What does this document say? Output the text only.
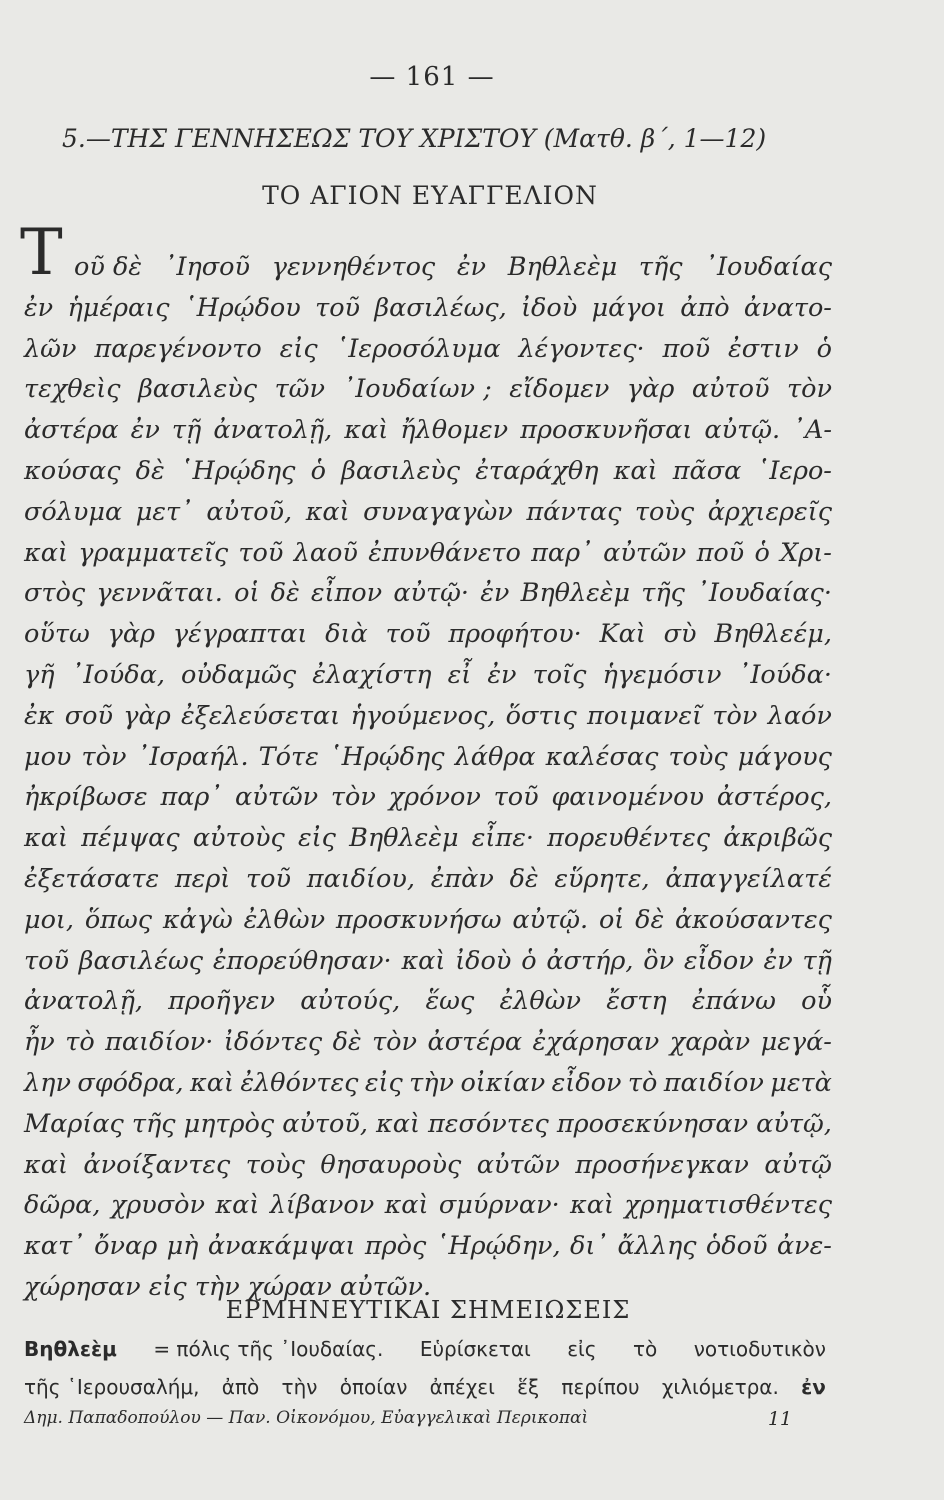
— 161 —
5.—ΤΗΣ ΓΕΝΝΗΣΕΩΣ ΤΟΥ ΧΡΙΣΤΟΥ (Ματθ. β΄, 1—12)
ΤΟ ΑΓΙΟΝ ΕΥΑΓΓΕΛΙΟΝ
Τ οῦ δὲ ᾿Ιησοῦ γεννηθέντος ἐν Βηθλεὲμ τῆς ᾿Ιουδαίας
ἐν ἡμέραις ῾Ηρῴδου τοῦ βασιλέως, ἰδοὺ μάγοι ἀπὸ ἀνατο-
λῶν παρεγένοντο εἰς ῾Ιεροσόλυμα λέγοντες· ποῦ ἐστιν ὁ
τεχθεὶς βασιλεὺς τῶν ᾿Ιουδαίων ; εἴδομεν γὰρ αὐτοῦ τὸν
ἀστέρα ἐν τῇ ἀνατολῇ, καὶ ἤλθομεν προσκυνῆσαι αὐτῷ. ᾿Α-
κούσας δὲ ῾Ηρῴδης ὁ βασιλεὺς ἐταράχθη καὶ πᾶσα ῾Ιερο-
σόλυμα μετ᾿ αὐτοῦ, καὶ συναγαγὼν πάντας τοὺς ἀρχιερεῖς
καὶ γραμματεῖς τοῦ λαοῦ ἐπυνθάνετο παρ᾿ αὐτῶν ποῦ ὁ Χρι-
στὸς γεννᾶται. οἱ δὲ εἶπον αὐτῷ· ἐν Βηθλεὲμ τῆς ᾿Ιουδαίας·
οὕτω γὰρ γέγραπται διὰ τοῦ προφήτου· Καὶ σὺ Βηθλεέμ,
γῆ ᾿Ιούδα, οὐδαμῶς ἐλαχίστη εἶ ἐν τοῖς ἡγεμόσιν ᾿Ιούδα·
ἐκ σοῦ γὰρ ἐξελεύσεται ἡγούμενος, ὅστις ποιμανεῖ τὸν λαόν
μου τὸν ᾿Ισραήλ. Τότε ῾Ηρῴδης λάθρα καλέσας τοὺς μάγους
ἠκρίβωσε παρ᾿ αὐτῶν τὸν χρόνον τοῦ φαινομένου ἀστέρος,
καὶ πέμψας αὐτοὺς εἰς Βηθλεὲμ εἶπε· πορευθέντες ἀκριβῶς
ἐξετάσατε περὶ τοῦ παιδίου, ἐπὰν δὲ εὕρητε, ἀπαγγείλατέ
μοι, ὅπως κἀγὼ ἐλθὼν προσκυνήσω αὐτῷ. οἱ δὲ ἀκούσαντες
τοῦ βασιλέως ἐπορεύθησαν· καὶ ἰδοὺ ὁ ἀστήρ, ὃν εἶδον ἐν τῇ
ἀνατολῇ, προῆγεν αὐτούς, ἕως ἐλθὼν ἔστη ἐπάνω οὗ
ἦν τὸ παιδίον· ἰδόντες δὲ τὸν ἀστέρα ἐχάρησαν χαρὰν μεγά-
λην σφόδρα, καὶ ἐλθόντες εἰς τὴν οἰκίαν εἶδον τὸ παιδίον μετὰ
Μαρίας τῆς μητρὸς αὐτοῦ, καὶ πεσόντες προσεκύνησαν αὐτῷ,
καὶ ἀνοίξαντες τοὺς θησαυροὺς αὐτῶν προσήνεγκαν αὐτῷ
δῶρα, χρυσὸν καὶ λίβανον καὶ σμύρναν· καὶ χρηματισθέντες
κατ᾿ ὄναρ μὴ ἀνακάμψαι πρὸς ῾Ηρῴδην, δι᾿ ἄλλης ὁδοῦ ἀνε-
χώρησαν εἰς τὴν χώραν αὐτῶν.
ΕΡΜΗΝΕΥΤΙΚΑΙ ΣΗΜΕΙΩΣΕΙΣ
Βηθλεὲμ = πόλις τῆς ᾿Ιουδαίας. Εὑρίσκεται εἰς τὸ νοτιοδυτικὸν
τῆς ῾Ιερουσαλήμ, ἀπὸ τὴν ὁποίαν ἀπέχει ἕξ περίπου χιλιόμετρα. ἐν
Δημ. Παπαδοπούλου — Παν. Οἰκονόμου, Εὐαγγελικαὶ Περικοπαὶ	11
